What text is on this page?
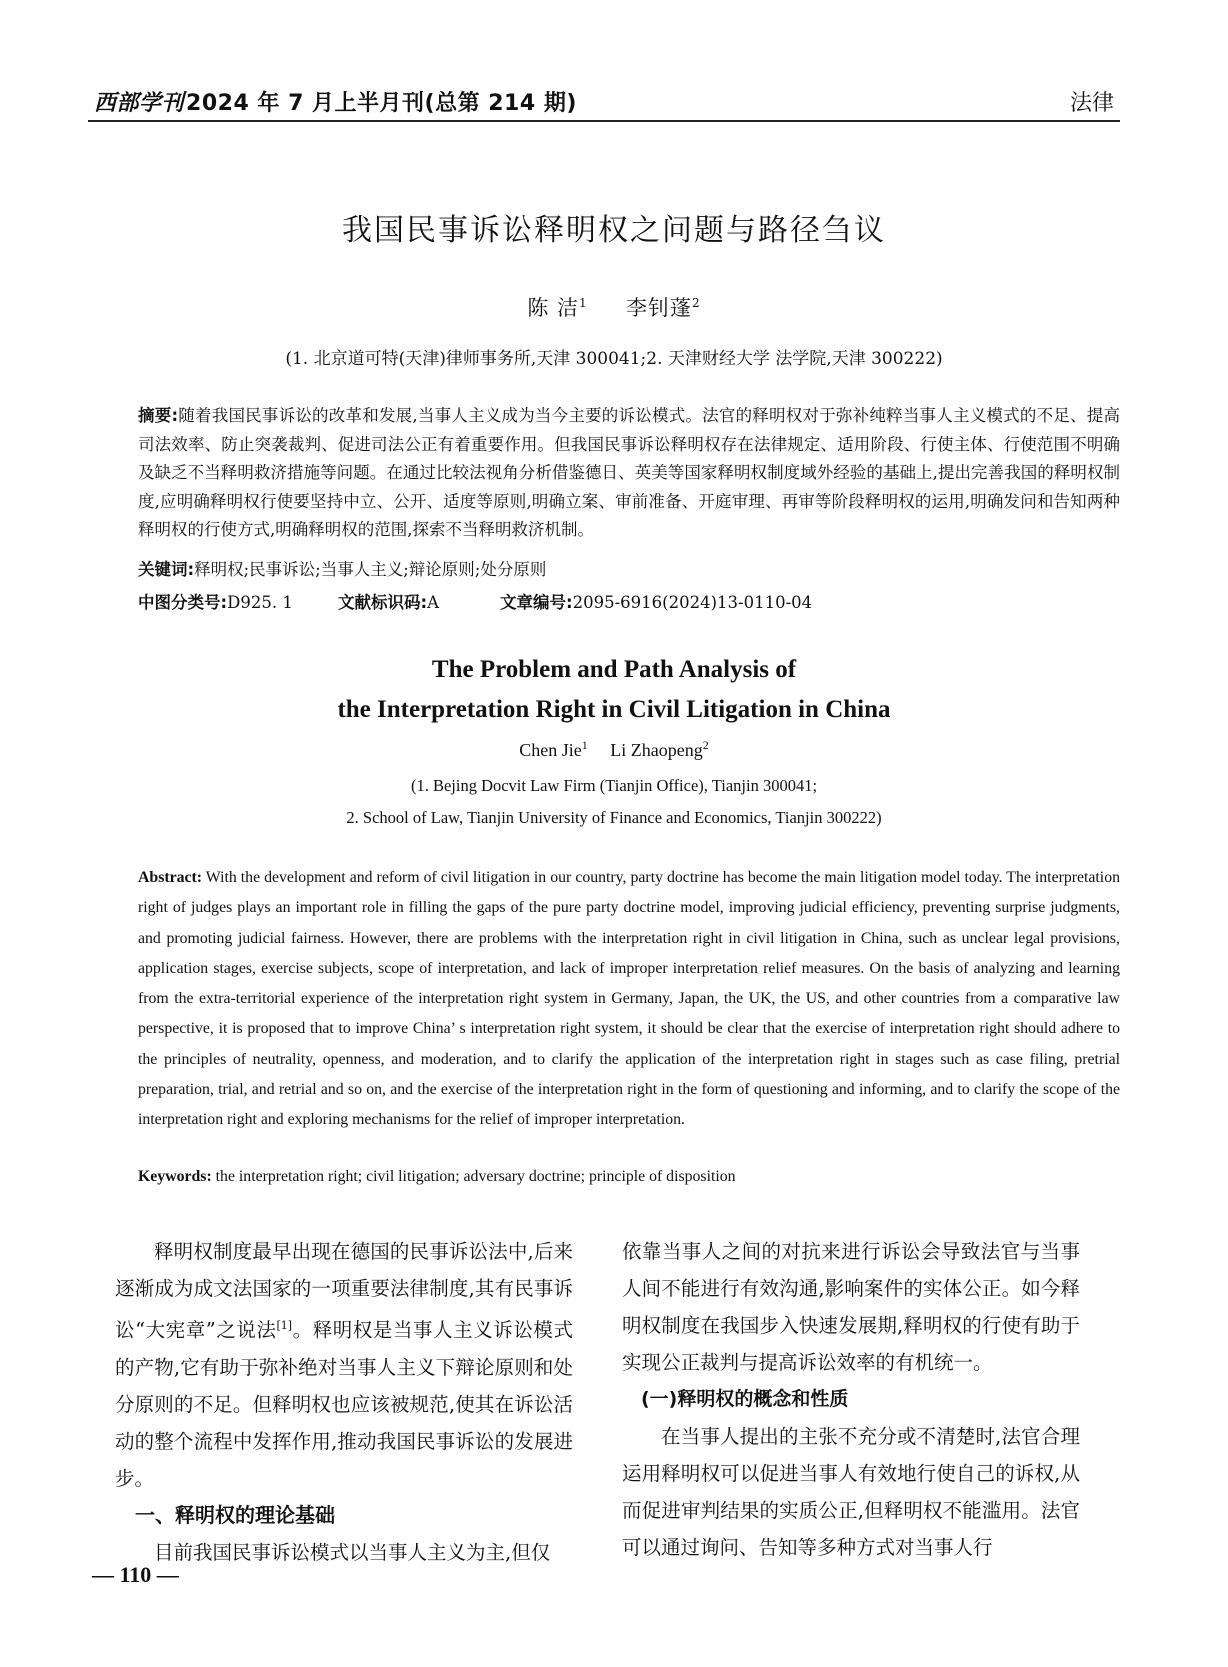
西部学刊2024 年 7 月上半月刊(总第 214 期)	法律
我国民事诉讼释明权之问题与路径刍议
陈 洁$^1$ 李钊蓬$^2$
(1. 北京道可特(天津)律师事务所,天津 300041;2. 天津财经大学 法学院,天津 300222)
摘要:随着我国民事诉讼的改革和发展,当事人主义成为当今主要的诉讼模式。法官的释明权对于弥补纯粹当事人主义模式的不足、提高司法效率、防止突袭裁判、促进司法公正有着重要作用。但我国民事诉讼释明权存在法律规定、适用阶段、行使主体、行使范围不明确及缺乏不当释明救济措施等问题。在通过比较法视角分析借鉴德日、英美等国家释明权制度域外经验的基础上,提出完善我国的释明权制度,应明确释明权行使要坚持中立、公开、适度等原则,明确立案、审前准备、开庭审理、再审等阶段释明权的运用,明确发问和告知两种释明权的行使方式,明确释明权的范围,探索不当释明救济机制。
关键词:释明权;民事诉讼;当事人主义;辩论原则;处分原则
中图分类号:D925. 1	文献标识码:A	文章编号:2095-6916(2024)13-0110-04
The Problem and Path Analysis of
the Interpretation Right in Civil Litigation in China
Chen Jie$^1$ Li Zhaopeng$^2$
(1. Bejing Docvit Law Firm (Tianjin Office), Tianjin 300041;
2. School of Law, Tianjin University of Finance and Economics, Tianjin 300222)
Abstract: With the development and reform of civil litigation in our country, party doctrine has become the main litigation model today. The interpretation right of judges plays an important role in filling the gaps of the pure party doctrine model, improving judicial efficiency, preventing surprise judgments, and promoting judicial fairness. However, there are problems with the interpretation right in civil litigation in China, such as unclear legal provisions, application stages, exercise subjects, scope of interpretation, and lack of improper interpretation relief measures. On the basis of analyzing and learning from the extra-territorial experience of the interpretation right system in Germany, Japan, the UK, the US, and other countries from a comparative law perspective, it is proposed that to improve China’ s interpretation right system, it should be clear that the exercise of interpretation right should adhere to the principles of neutrality, openness, and moderation, and to clarify the application of the interpretation right in stages such as case filing, pretrial preparation, trial, and retrial and so on, and the exercise of the interpretation right in the form of questioning and informing, and to clarify the scope of the interpretation right and exploring mechanisms for the relief of improper interpretation.
Keywords: the interpretation right; civil litigation; adversary doctrine; principle of disposition

释明权制度最早出现在德国的民事诉讼法中,后来逐渐成为成文法国家的一项重要法律制度,其有民事诉讼“大宪章”之说法[1]。释明权是当事人主义诉讼模式的产物,它有助于弥补绝对当事人主义下辩论原则和处分原则的不足。但释明权也应该被规范,使其在诉讼活动的整个流程中发挥作用,推动我国民事诉讼的发展进步。

一、释明权的理论基础

目前我国民事诉讼模式以当事人主义为主,但仅

依靠当事人之间的对抗来进行诉讼会导致法官与当事人间不能进行有效沟通,影响案件的实体公正。如今释明权制度在我国步入快速发展期,释明权的行使有助于实现公正裁判与提高诉讼效率的有机统一。

(一)释明权的概念和性质

在当事人提出的主张不充分或不清楚时,法官合理运用释明权可以促进当事人有效地行使自己的诉权,从而促进审判结果的实质公正,但释明权不能滥用。法官可以通过询问、告知等多种方式对当事人行

— 110 —
